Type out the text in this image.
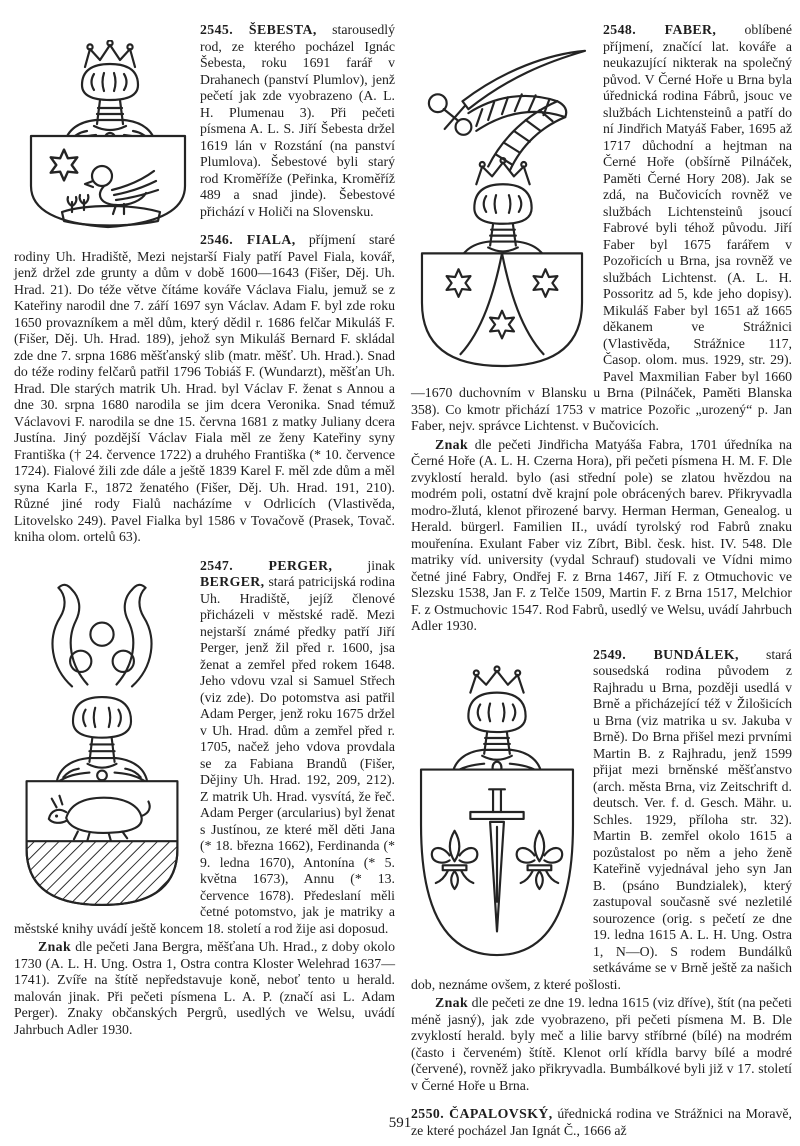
2545. ŠEBESTA, starousedlý rod, ze kterého pocházel Ignác Šebesta, roku 1691 farář v Drahanech (panství Plumlov), jenž pečetí jak zde vyobrazeno (A. L. H. Plumenau 3). Při pečeti písmena A. L. S. Jiří Šebesta držel 1619 lán v Rozstání (na panství Plumlova). Šebestové byli starý rod Kroměříže (Peřinka, Kroměříž 489 a snad jinde). Šebestové přichází v Holiči na Slovensku.

2546. FIALA, příjmení staré rodiny Uh. Hradiště, Mezi nejstarší Fialy patří Pavel Fiala, kovář, jenž držel zde grunty a dům v době 1600—1643 (Fišer, Děj. Uh. Hrad. 21). Do téže větve čítáme kováře Václava Fialu, jemuž se z Kateřiny narodil dne 7. září 1697 syn Václav. Adam F. byl zde roku 1650 provazníkem a měl dům, který dědil r. 1686 felčar Mikuláš F. (Fišer, Děj. Uh. Hrad. 189), jehož syn Mikuláš Bernard F. skládal zde dne 7. srpna 1686 měšťanský slib (matr. měšť. Uh. Hrad.). Snad do téže rodiny felčarů patřil 1796 Tobiáš F. (Wundarzt), měšťan Uh. Hrad. Dle starých matrik Uh. Hrad. byl Václav F. ženat s Annou a dne 30. srpna 1680 narodila se jim dcera Veronika. Snad témuž Václavovi F. narodila se dne 15. června 1681 z matky Juliany dcera Justína. Jiný pozdější Václav Fiala měl ze ženy Kateřiny syny Františka († 24. července 1722) a druhého Františka (* 10. července 1724). Fialové žili zde dále a ještě 1839 Karel F. měl zde dům a měl syna Karla F., 1872 ženatého (Fišer, Děj. Uh. Hrad. 191, 210). Různé jiné rody Fialů nacházíme v Odrlicích (Vlastivěda, Litovelsko 249). Pavel Fialka byl 1586 v Tovačově (Prasek, Tovač. kniha olom. ortelů 63).

2547. PERGER,	jinak BERGER, stará patricijská rodina Uh. Hradiště, jejíž členové přicházeli v městské radě. Mezi nejstarší známé předky patří Jiří Perger, jenž žil před r. 1600, jsa ženat a zemřel před rokem 1648. Jeho vdovu vzal si Samuel Střech (viz zde). Do potomstva asi patřil Adam Perger, jenž roku 1675 držel v Uh. Hrad. dům a zemřel před r. 1705, načež jeho vdova provdala se za Fabiana Brandů (Fišer, Dějiny Uh. Hrad. 192, 209, 212). Z matrik Uh. Hrad. vysvítá, že řeč. Adam Perger (arcularius) byl ženat s Justínou, ze které měl děti Jana (* 18. března 1662), Ferdinanda (* 9. ledna 1670), Antonína (* 5. května 1673), Annu (* 13. července 1678). Předeslaní měli četné potomstvo, jak je matriky a městské knihy uvádí ještě koncem 18. století a rod žije asi doposud.

Znak dle pečeti Jana Bergra, měšťana Uh. Hrad., z doby okolo 1730 (A. L. H. Ung. Ostra 1, Ostra contra Kloster Welehrad 1637—1741). Zvíře na štítě nepředstavuje koně, neboť tento u herald. malován jinak. Při pečeti písmena L. A. P. (značí asi L. Adam Perger). Znaky občanských Pergrů, usedlých ve Welsu, uvádí Jahrbuch Adler 1930.

2548. FABER, oblíbené příjmení, značící lat. kováře a neukazující nikterak na společný původ. V Černé Hoře u Brna byla úřednická rodina Fábrů, jsouc ve službách Lichtensteinů a patří do ní Jindřich Matyáš Faber, 1695 až 1717 důchodní a hejtman na Černé Hoře (obšírně Pilnáček, Paměti Černé Hory 208). Jak se zdá, na Bučovicích rovněž ve službách Lichtensteinů jsoucí Fabrové byli téhož původu. Jiří Faber byl 1675 farářem v Pozořicích u Brna, jsa rovněž ve službách Lichtenst. (A. L. H. Possoritz ad 5, kde jeho dopisy). Mikuláš Faber byl 1651 až 1665 děkanem ve Strážnici (Vlastivěda, Strážnice 117, Časop. olom. mus. 1929, str. 29). Pavel Maxmilian Faber byl 1660—1670 duchovním v Blansku u Brna (Pilnáček, Paměti Blanska 358). Co kmotr přichází 1753 v matrice Pozořic „urozený“ p. Jan Faber, nejv. správce Lichtenst. v Bučovicích.

Znak dle pečeti Jindřicha Matyáša Fabra, 1701 úředníka na Černé Hoře (A. L. H. Czerna Hora), při pečeti písmena H. M. F. Dle zvyklostí herald. bylo (asi střední pole) se zlatou hvězdou na modrém poli, ostatní dvě krajní pole obrácených barev. Přikryvadla modro-žlutá, klenot přirozené barvy. Herman Herman, Genealog. u Herald. bürgerl. Familien II., uvádí tyrolský rod Fabrů znaku mouřenína. Exulant Faber viz Zíbrt, Bibl. česk. hist. IV. 548. Dle matriky víd. university (vydal Schrauf) studovali ve Vídni mimo četné jiné Fabry, Ondřej F. z Brna 1467, Jiří F. z Otmuchovic ve Slezsku 1538, Jan F. z Telče 1509, Martin F. z Brna 1517, Melchior F. z Ostmuchovic 1547. Rod Fabrů, usedlý ve Welsu, uvádí Jahrbuch Adler 1930.

2549. BUNDÁLEK, stará sousedská rodina původem z Rajhradu u Brna, později usedlá v Brně a přicházející též v Žilošicích u Brna (viz matrika u sv. Jakuba v Brně). Do Brna přišel mezi prvními Martin B. z Rajhradu, jenž 1599 přijat mezi brněnské měšťanstvo (arch. města Brna, viz Zeitschrift d. deutsch. Ver. f. d. Gesch. Mähr. u. Schles. 1929, příloha str. 32). Martin B. zemřel okolo 1615 a pozůstalost po něm a jeho ženě Kateřině vyjednával jeho syn Jan B. (psáno Bundzialek), který zastupoval současně své nezletilé sourozence (orig. s pečetí ze dne 19. ledna 1615 A. L. H. Ung. Ostra 1, N—O). S rodem Bundálků setkáváme se v Brně ještě za našich dob, neznáme ovšem, z které pošlosti.

Znak dle pečeti ze dne 19. ledna 1615 (viz dříve), štít (na pečeti méně jasný), jak zde vyobrazeno, při pečeti písmena M. B. Dle zvyklostí herald. byly meč a lilie barvy stříbrné (bílé) na modrém (často i červeném) štítě. Klenot orlí křídla barvy bílé a modré (červené), rovněž jako přikryvadla. Bumbálkové byli již v 17. století v Černé Hoře u Brna.

2550. ČAPALOVSKÝ, úřednická rodina ve Strážnici na Moravě, ze které pocházel Jan Ignát Č., 1666 až

591
